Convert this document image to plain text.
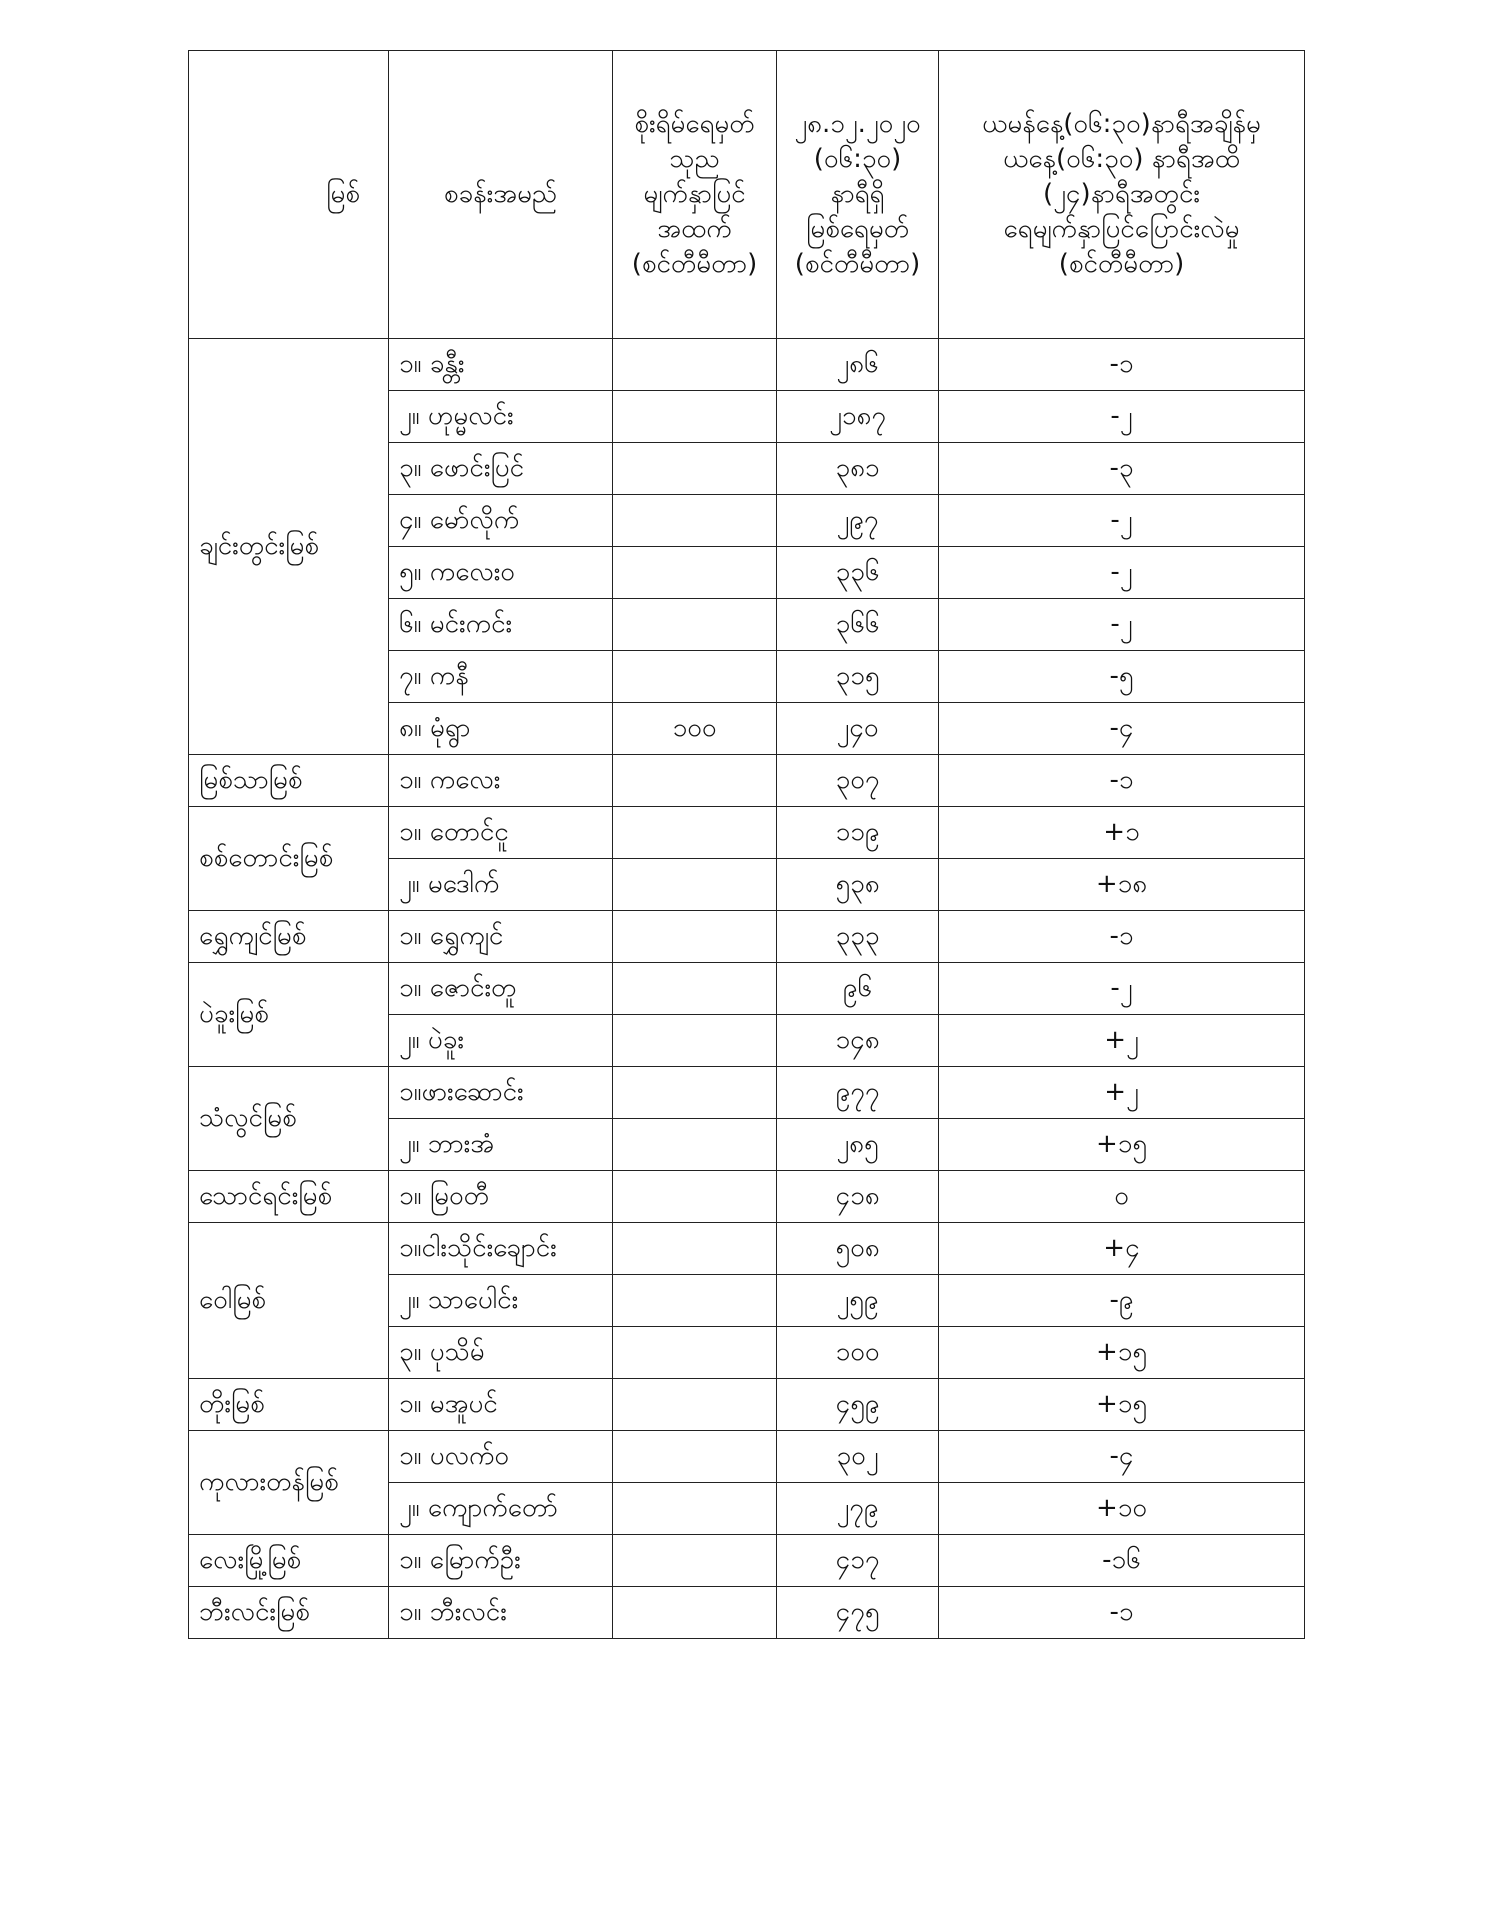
မြစ်	စခန်းအမည်	စိုးရိမ်ရေမှတ်
သုည
မျက်နှာပြင်
အထက်
(စင်တီမီတာ)	၂၈.၁၂.၂၀၂၀
(၀၆:၃၀)
နာရီရှိ
မြစ်ရေမှတ်
(စင်တီမီတာ)	ယမန်နေ့(၀၆:၃၀)နာရီအချိန်မှ
ယနေ့(၀၆:၃၀) နာရီအထိ
(၂၄)နာရီအတွင်း
ရေမျက်နှာပြင်ပြောင်းလဲမှု
(စင်တီမီတာ)

ချင်းတွင်းမြစ်	၁။ ခန္တီး		၂၈၆	-၁
	၂။ ဟုမ္မလင်း		၂၁၈၇	-၂
	၃။ ဖောင်းပြင်		၃၈၁	-၃
	၄။ မော်လိုက်		၂၉၇	-၂
	၅။ ကလေးဝ		၃၃၆	-၂
	၆။ မင်းကင်း		၃၆၆	-၂
	၇။ ကနီ		၃၁၅	-၅
	၈။ မုံရွာ	၁၀၀	၂၄၀	-၄
မြစ်သာမြစ်	၁။ ကလေး		၃၀၇	-၁
စစ်တောင်းမြစ်	၁။ တောင်ငူ		၁၁၉	+၁
	၂။ မဒေါက်		၅၃၈	+၁၈
ရွှေကျင်မြစ်	၁။ ရွှေကျင်		၃၃၃	-၁
ပဲခူးမြစ်	၁။ ဇောင်းတူ		၉၆	-၂
	၂။ ပဲခူး		၁၄၈	+၂
သံလွင်မြစ်	၁။ဖားဆောင်း		၉၇၇	+၂
	၂။ ဘားအံ		၂၈၅	+၁၅
သောင်ရင်းမြစ်	၁။ မြဝတီ		၄၁၈	၀
ဝေါမြစ်	၁။ငါးသိုင်းချောင်း		၅၀၈	+၄
	၂။ သာပေါင်း		၂၅၉	-၉
	၃။ ပုသိမ်		၁၀၀	+၁၅
တိုးမြစ်	၁။ မအူပင်		၄၅၉	+၁၅
ကုလားတန်မြစ်	၁။ ပလက်ဝ		၃၀၂	-၄
	၂။ ကျောက်တော်		၂၇၉	+၁၀
လေးမြို့မြစ်	၁။ မြောက်ဦး		၄၁၇	-၁၆
ဘီးလင်းမြစ်	၁။ ဘီးလင်း		၄၇၅	-၁
